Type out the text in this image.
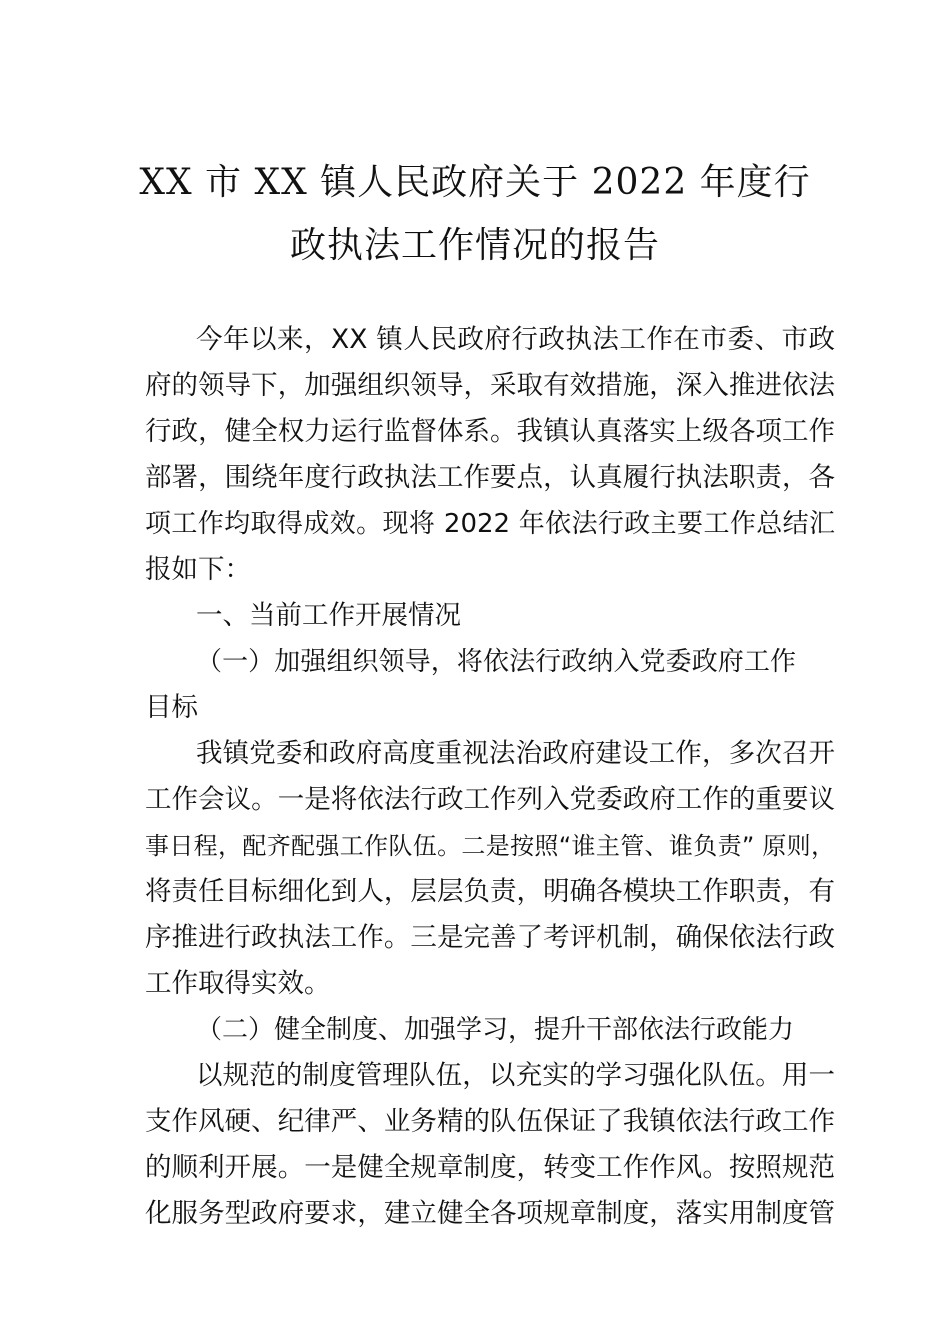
XX 市 XX 镇人民政府关于 2022 年度行
政执法工作情况的报告
今年以来，XX 镇人民政府行政执法工作在市委、市政
府的领导下，加强组织领导，采取有效措施，深入推进依法
行政，健全权力运行监督体系。我镇认真落实上级各项工作
部署，围绕年度行政执法工作要点，认真履行执法职责，各
项工作均取得成效。现将 2022 年依法行政主要工作总结汇
报如下：
一、当前工作开展情况
（一）加强组织领导，将依法行政纳入党委政府工作
目标
我镇党委和政府高度重视法治政府建设工作，多次召开
工作会议。一是将依法行政工作列入党委政府工作的重要议
事日程，配齐配强工作队伍。二是按照“谁主管、谁负责” 原则，
将责任目标细化到人，层层负责，明确各模块工作职责，有
序推进行政执法工作。三是完善了考评机制，确保依法行政
工作取得实效。
（二）健全制度、加强学习，提升干部依法行政能力
以规范的制度管理队伍，以充实的学习强化队伍。用一
支作风硬、纪律严、业务精的队伍保证了我镇依法行政工作
的顺利开展。一是健全规章制度，转变工作作风。按照规范
化服务型政府要求，建立健全各项规章制度，落实用制度管
